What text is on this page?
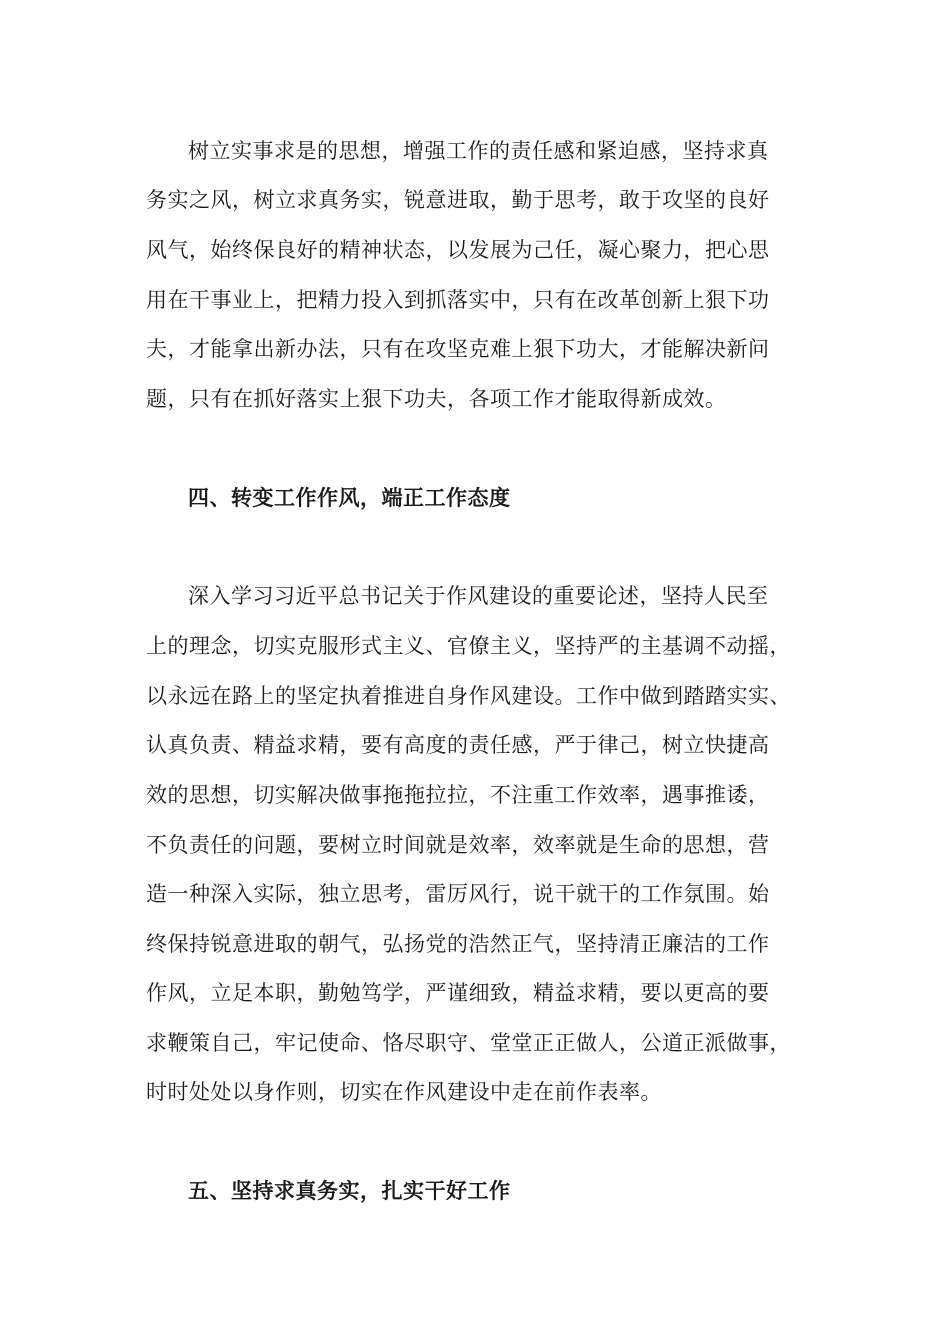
树立实事求是的思想，增强工作的责任感和紧迫感，坚持求真
务实之风，树立求真务实，锐意进取，勤于思考，敢于攻坚的良好
风气，始终保良好的精神状态，以发展为己任，凝心聚力，把心思
用在干事业上，把精力投入到抓落实中，只有在改革创新上狠下功
夫，才能拿出新办法，只有在攻坚克难上狠下功大，才能解决新问
题，只有在抓好落实上狠下功夫，各项工作才能取得新成效。
四、转变工作作风，端正工作态度
深入学习习近平总书记关于作风建设的重要论述，坚持人民至
上的理念，切实克服形式主义、官僚主义，坚持严的主基调不动摇，
以永远在路上的坚定执着推进自身作风建设。工作中做到踏踏实实、
认真负责、精益求精，要有高度的责任感，严于律己，树立快捷高
效的思想，切实解决做事拖拖拉拉，不注重工作效率，遇事推诿，
不负责任的问题，要树立时间就是效率，效率就是生命的思想，营
造一种深入实际，独立思考，雷厉风行，说干就干的工作氛围。始
终保持锐意进取的朝气，弘扬党的浩然正气，坚持清正廉洁的工作
作风，立足本职，勤勉笃学，严谨细致，精益求精，要以更高的要
求鞭策自己，牢记使命、恪尽职守、堂堂正正做人，公道正派做事，
时时处处以身作则，切实在作风建设中走在前作表率。
五、坚持求真务实，扎实干好工作
